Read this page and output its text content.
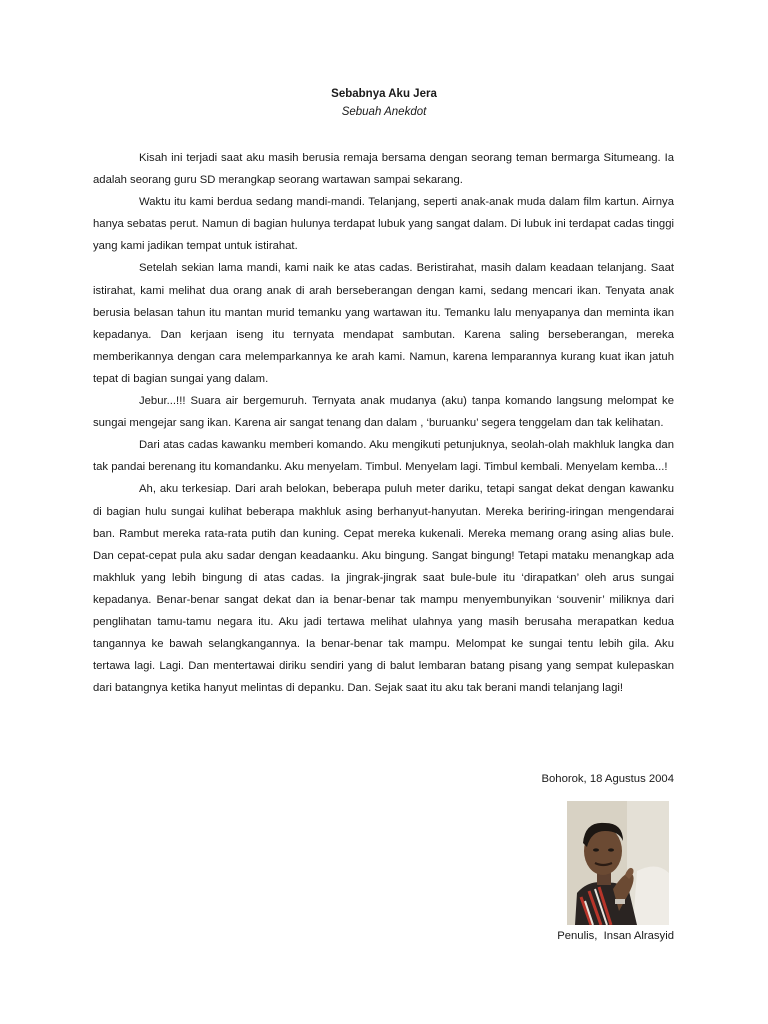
Sebabnya Aku Jera
Sebuah Anekdot

Kisah ini terjadi saat aku masih berusia remaja bersama dengan seorang teman bermarga Situmeang. Ia adalah seorang guru SD merangkap seorang wartawan sampai sekarang.

Waktu itu kami berdua sedang mandi-mandi. Telanjang, seperti anak-anak muda dalam film kartun. Airnya hanya sebatas perut. Namun di bagian hulunya terdapat lubuk yang sangat dalam. Di lubuk ini terdapat cadas tinggi yang kami jadikan tempat untuk istirahat.

Setelah sekian lama mandi, kami naik ke atas cadas. Beristirahat, masih dalam keadaan telanjang. Saat istirahat, kami melihat dua orang anak di arah berseberangan dengan kami, sedang mencari ikan. Tenyata anak berusia belasan tahun itu mantan murid temanku yang wartawan itu. Temanku lalu menyapanya dan meminta ikan kepadanya. Dan kerjaan iseng itu ternyata mendapat sambutan. Karena saling berseberangan, mereka memberikannya dengan cara melemparkannya ke arah kami. Namun, karena lemparannya kurang kuat ikan jatuh tepat di bagian sungai yang dalam.

Jebur...!!! Suara air bergemuruh. Ternyata anak mudanya (aku) tanpa komando langsung melompat ke sungai mengejar sang ikan. Karena air sangat tenang dan dalam , ‘buruanku’ segera tenggelam dan tak kelihatan.

Dari atas cadas kawanku memberi komando. Aku mengikuti petunjuknya, seolah-olah makhluk langka dan tak pandai berenang itu komandanku. Aku menyelam. Timbul. Menyelam lagi. Timbul kembali. Menyelam kemba...!

Ah, aku terkesiap. Dari arah belokan, beberapa puluh meter dariku, tetapi sangat dekat dengan kawanku di bagian hulu sungai kulihat beberapa makhluk asing berhanyut-hanyutan. Mereka beriring-iringan mengendarai ban. Rambut mereka rata-rata putih dan kuning. Cepat mereka kukenali. Mereka memang orang asing alias bule. Dan cepat-cepat pula aku sadar dengan keadaanku. Aku bingung. Sangat bingung! Tetapi mataku menangkap ada makhluk yang lebih bingung di atas cadas. Ia jingrak-jingrak saat bule-bule itu ‘dirapatkan’ oleh arus sungai kepadanya. Benar-benar sangat dekat dan ia benar-benar tak mampu menyembunyikan ‘souvenir’ miliknya dari penglihatan tamu-tamu negara itu. Aku jadi tertawa melihat ulahnya yang masih berusaha merapatkan kedua tangannya ke bawah selangkangannya. Ia benar-benar tak mampu. Melompat ke sungai tentu lebih gila. Aku tertawa lagi. Lagi. Dan mentertawai diriku sendiri yang di balut lembaran batang pisang yang sempat kulepaskan dari batangnya ketika hanyut melintas di depanku. Dan. Sejak saat itu aku tak berani mandi telanjang lagi!

Bohorok, 18 Agustus 2004
Penulis,  Insan Alrasyid
